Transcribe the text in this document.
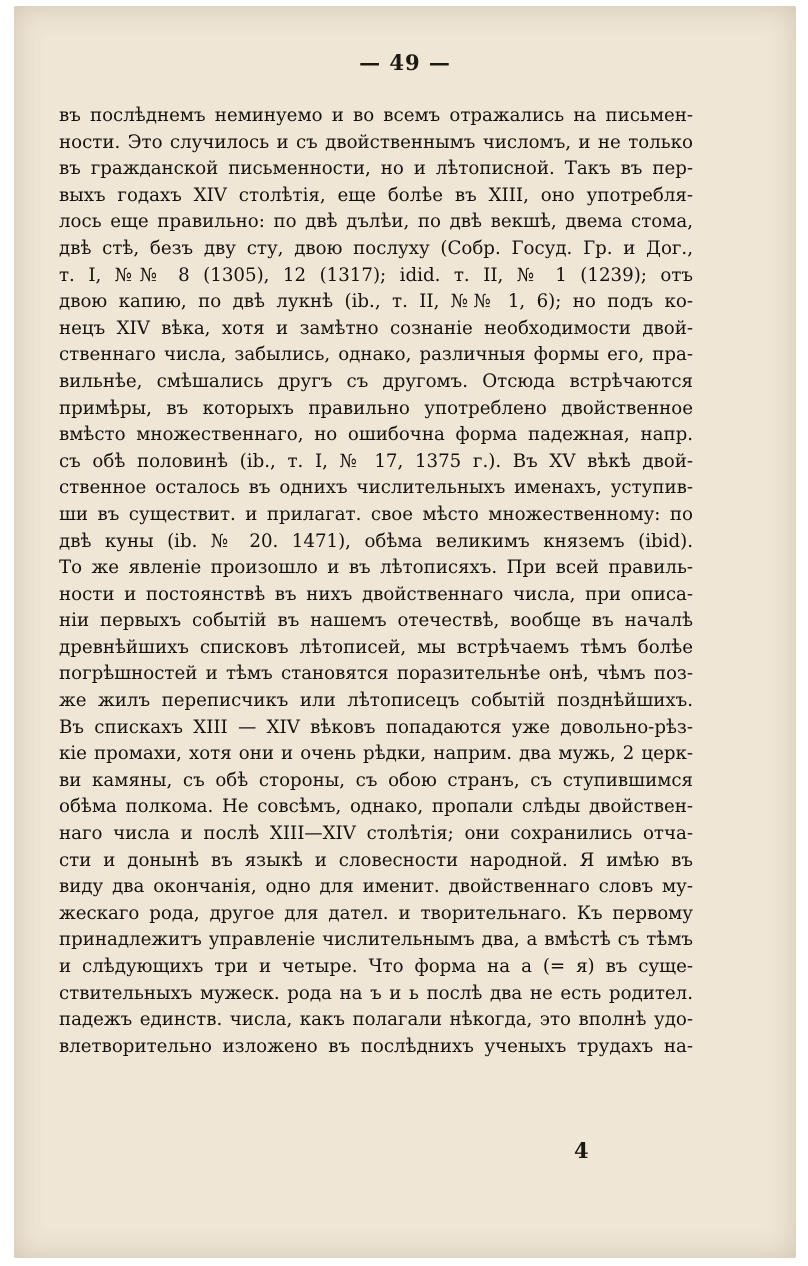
— 49 —
въ послѣднемъ неминуемо и во всемъ отражались на письмен-
ности. Это случилось и съ двойственнымъ числомъ, и не только
въ гражданской письменности, но и лѣтописной. Такъ въ пер-
выхъ годахъ XIV столѣтія, еще болѣе въ XIII, оно употребля-
лось еще правильно: по двѣ дълѣи, по двѣ векшѣ, двема стома,
двѣ стѣ, безъ дву сту, двою послуху (Собр. Госуд. Гр. и Дог.,
т. I, №№ 8 (1305), 12 (1317); idid. т. II, № 1 (1239); отъ
двою капию, по двѣ лукнѣ (ib., т. II, №№ 1, 6); но подъ ко-
нецъ XIV вѣка, хотя и замѣтно сознаніе необходимости двой-
ственнаго числа, забылись, однако, различныя формы его, пра-
вильнѣе, смѣшались другъ съ другомъ. Отсюда встрѣчаются
примѣры, въ которыхъ правильно употреблено двойственное
вмѣсто множественнаго, но ошибочна форма падежная, напр.
съ обѣ половинѣ (ib., т. I, № 17, 1375 г.). Въ XV вѣкѣ двой-
ственное осталось въ однихъ числительныхъ именахъ, уступив-
ши въ существит. и прилагат. свое мѣсто множественному: по
двѣ куны (ib. № 20. 1471), обѣма великимъ княземъ (ibid).
То же явленіе произошло и въ лѣтописяхъ. При всей правиль-
ности и постоянствѣ въ нихъ двойственнаго числа, при описа-
ніи первыхъ событій въ нашемъ отечествѣ, вообще въ началѣ
древнѣйшихъ списковъ лѣтописей, мы встрѣчаемъ тѣмъ болѣе
погрѣшностей и тѣмъ становятся поразительнѣе онѣ, чѣмъ поз-
же жилъ переписчикъ или лѣтописецъ событій позднѣйшихъ.
Въ спискахъ XIII — XIV вѣковъ попадаются уже довольно-рѣз-
кіе промахи, хотя они и очень рѣдки, наприм. два мужь, 2 церк-
ви камяны, съ обѣ стороны, съ обою странъ, съ ступившимся
обѣма полкома. Не совсѣмъ, однако, пропали слѣды двойствен-
наго числа и послѣ XIII—XIV столѣтія; они сохранились отча-
сти и донынѣ въ языкѣ и словесности народной. Я имѣю въ
виду два окончанія, одно для именит. двойственнаго словъ му-
жескаго рода, другое для дател. и творительнаго. Къ первому
принадлежитъ управленіе числительнымъ два, а вмѣстѣ съ тѣмъ
и слѣдующихъ три и четыре. Что форма на а (= я) въ суще-
ствительныхъ мужеск. рода на ъ и ь послѣ два не есть родител.
падежъ единств. числа, какъ полагали нѣкогда, это вполнѣ удо-
влетворительно изложено въ послѣднихъ ученыхъ трудахъ на-
4
